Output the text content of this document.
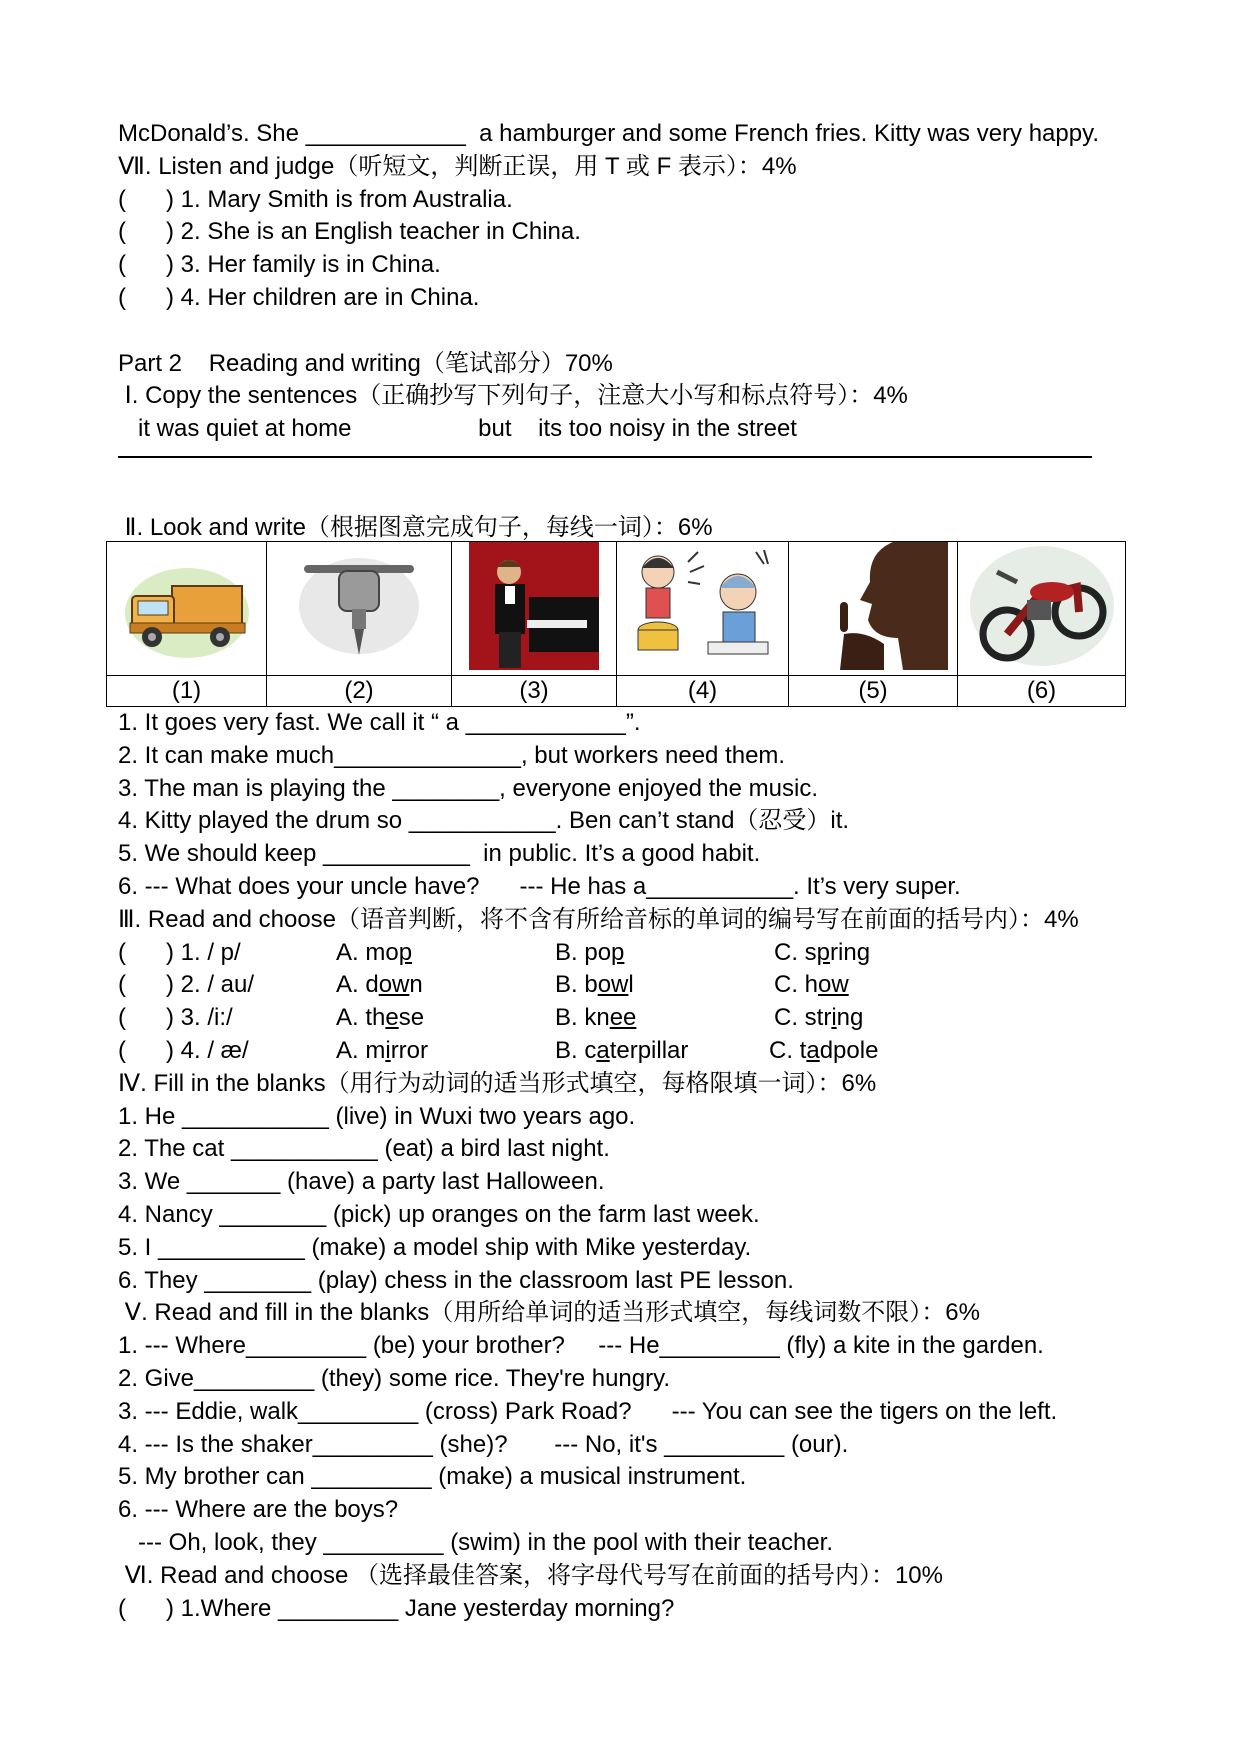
McDonald’s. She ____________  a hamburger and some French fries. Kitty was very happy.
Ⅶ. Listen and judge（听短文，判断正误，用 T 或 F 表示）：4%
(      ) 1. Mary Smith is from Australia.
(      ) 2. She is an English teacher in China.
(      ) 3. Her family is in China.
(      ) 4. Her children are in China.
Part 2    Reading and writing（笔试部分）70%
Ⅰ. Copy the sentences（正确抄写下列句子，注意大小写和标点符号）：4%
it was quiet at home                   but    its too noisy in the street
Ⅱ. Look and write（根据图意完成句子，每线一词）：6%

(1)	(2)	(3)	(4)	(5)	(6)
1. It goes very fast. We call it “ a ____________”.
2. It can make much______________, but workers need them.
3. The man is playing the ________, everyone enjoyed the music.
4. Kitty played the drum so ___________. Ben can’t stand（忍受）it.
5. We should keep ___________  in public. It’s a good habit.
6. --- What does your uncle have?      --- He has a___________. It’s very super.
Ⅲ. Read and choose（语音判断，将不含有所给音标的单词的编号写在前面的括号内）：4%
(      ) 1. / p/	A. mop	B. pop	C. spring
(      ) 2. / au/	A. down	B. bowl	C. how
(      ) 3. /i:/	A. these	B. knee	C. string
(      ) 4. / æ/	A. mirror	B. caterpillar	C. tadpole
Ⅳ. Fill in the blanks（用行为动词的适当形式填空，每格限填一词）：6%
1. He ___________ (live) in Wuxi two years ago.
2. The cat ___________ (eat) a bird last night.
3. We _______ (have) a party last Halloween.
4. Nancy ________ (pick) up oranges on the farm last week.
5. I ___________ (make) a model ship with Mike yesterday.
6. They ________ (play) chess in the classroom last PE lesson.
Ⅴ. Read and fill in the blanks（用所给单词的适当形式填空，每线词数不限）：6%
1. --- Where_________ (be) your brother?     --- He_________ (fly) a kite in the garden.
2. Give_________ (they) some rice. They're hungry.
3. --- Eddie, walk_________ (cross) Park Road?      --- You can see the tigers on the left.
4. --- Is the shaker_________ (she)?       --- No, it's _________ (our).
5. My brother can _________ (make) a musical instrument.
6. --- Where are the boys?
--- Oh, look, they _________ (swim) in the pool with their teacher.
Ⅵ. Read and choose （选择最佳答案，将字母代号写在前面的括号内）：10%
(      ) 1.Where _________ Jane yesterday morning?
